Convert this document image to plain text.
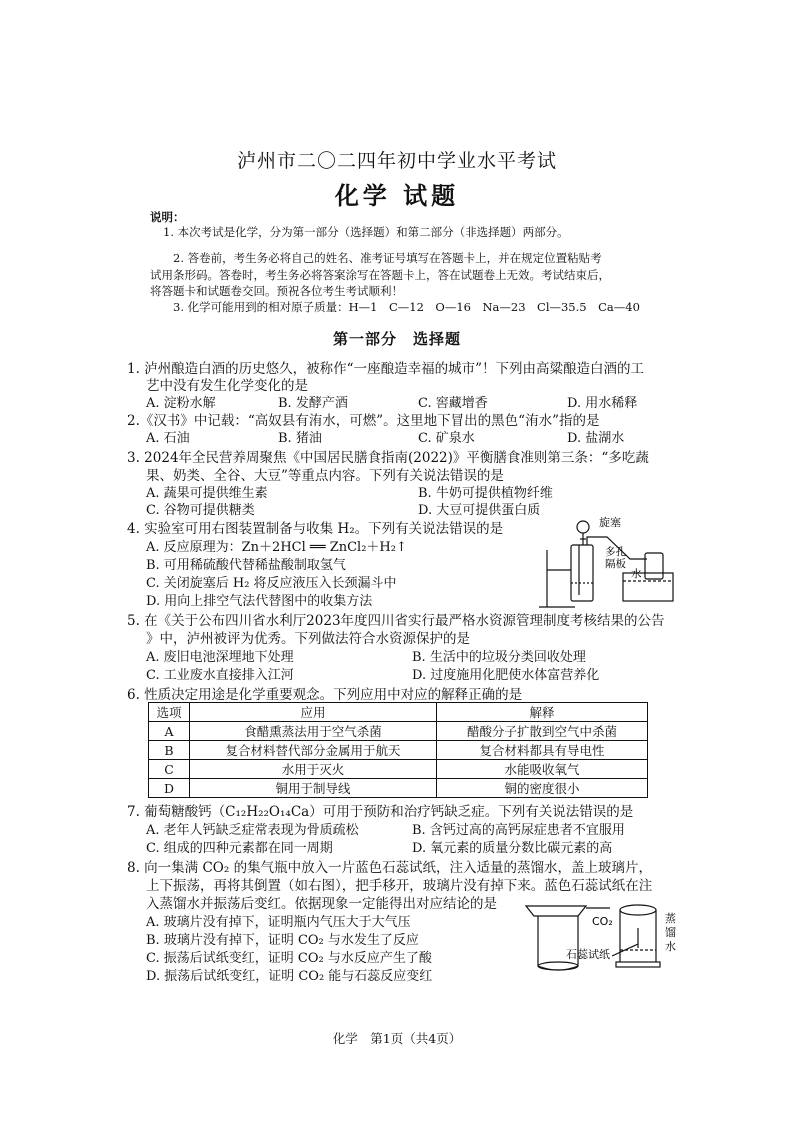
泸州市二〇二四年初中学业水平考试
化学 试题
说明：
1. 本次考试是化学，分为第一部分（选择题）和第二部分（非选择题）两部分。
2. 答卷前，考生务必将自己的姓名、准考证号填写在答题卡上，并在规定位置粘贴考
试用条形码。答卷时，考生务必将答案涂写在答题卡上，答在试题卷上无效。考试结束后，
将答题卡和试题卷交回。预祝各位考生考试顺利！
3. 化学可能用到的相对原子质量：H—1　C—12　O—16　Na—23　Cl—35.5　Ca—40
第一部分　选择题
1. 泸州酿造白酒的历史悠久，被称作“一座酿造幸福的城市”！下列由高粱酿造白酒的工
艺中没有发生化学变化的是
A. 淀粉水解	B. 发酵产酒	C. 窖藏增香	D. 用水稀释
2.《汉书》中记载：“高奴县有洧水，可燃”。这里地下冒出的黑色“洧水”指的是
A. 石油	B. 猪油	C. 矿泉水	D. 盐湖水
3. 2024年全民营养周聚焦《中国居民膳食指南(2022)》平衡膳食准则第三条：“多吃蔬
果、奶类、全谷、大豆”等重点内容。下列有关说法错误的是
A. 蔬果可提供维生素	B. 牛奶可提供植物纤维
C. 谷物可提供糖类	D. 大豆可提供蛋白质
4. 实验室可用右图装置制备与收集 H₂。下列有关说法错误的是
A. 反应原理为：Zn＋2HCl ══ ZnCl₂＋H₂↑
B. 可用稀硫酸代替稀盐酸制取氢气
C. 关闭旋塞后 H₂ 将反应液压入长颈漏斗中
D. 用向上排空气法代替图中的收集方法
旋塞
多孔
隔板
水
5. 在《关于公布四川省水利厅2023年度四川省实行最严格水资源管理制度考核结果的公告
》中，泸州被评为优秀。下列做法符合水资源保护的是
A. 废旧电池深埋地下处理	B. 生活中的垃圾分类回收处理
C. 工业废水直接排入江河	D. 过度施用化肥使水体富营养化
6. 性质决定用途是化学重要观念。下列应用中对应的解释正确的是
选项	应用	解释
A	食醋熏蒸法用于空气杀菌	醋酸分子扩散到空气中杀菌
B	复合材料替代部分金属用于航天	复合材料都具有导电性
C	水用于灭火	水能吸收氧气
D	铜用于制导线	铜的密度很小
7. 葡萄糖酸钙（C₁₂H₂₂O₁₄Ca）可用于预防和治疗钙缺乏症。下列有关说法错误的是
A. 老年人钙缺乏症常表现为骨质疏松	B. 含钙过高的高钙尿症患者不宜服用
C. 组成的四种元素都在同一周期	D. 氧元素的质量分数比碳元素的高
8. 向一集满 CO₂ 的集气瓶中放入一片蓝色石蕊试纸，注入适量的蒸馏水，盖上玻璃片，
上下振荡，再将其倒置（如右图），把手移开，玻璃片没有掉下来。蓝色石蕊试纸在注
入蒸馏水并振荡后变红。依据现象一定能得出对应结论的是
A. 玻璃片没有掉下，证明瓶内气压大于大气压
B. 玻璃片没有掉下，证明 CO₂ 与水发生了反应
C. 振荡后试纸变红，证明 CO₂ 与水反应产生了酸
D. 振荡后试纸变红，证明 CO₂ 能与石蕊反应变红
CO₂
石蕊试纸
蒸
馏
水
化学　第1页（共4页）
